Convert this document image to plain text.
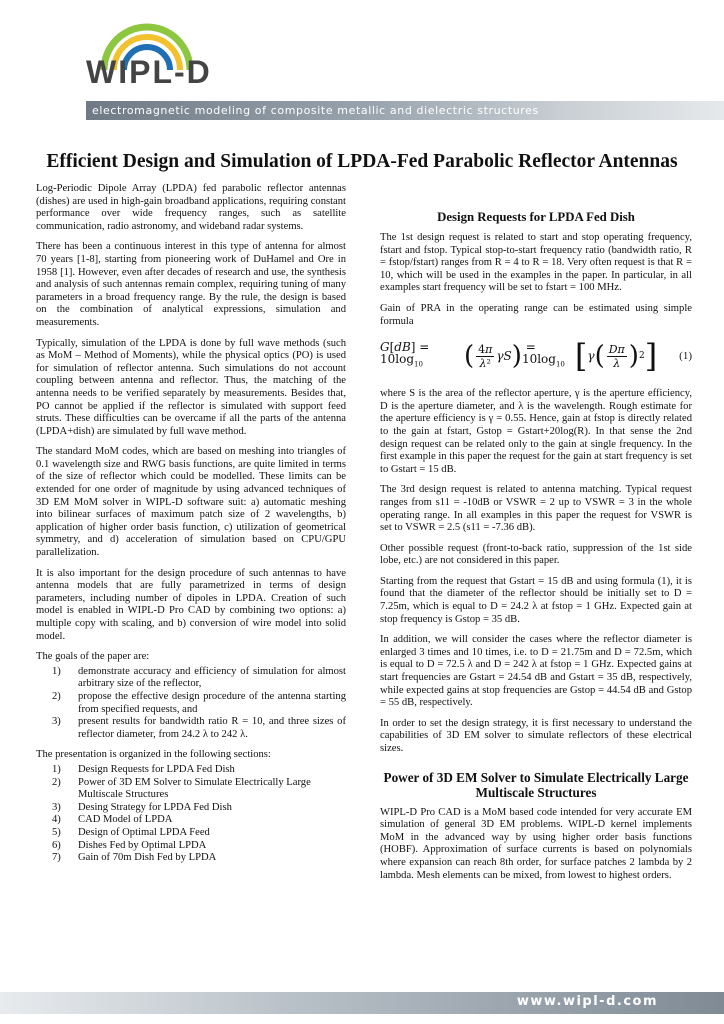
WIPL-D
electromagnetic modeling of composite metallic and dielectric structures
Efficient Design and Simulation of LPDA-Fed Parabolic Reflector Antennas

Log-Periodic Dipole Array (LPDA) fed parabolic reflector antennas (dishes) are used in high-gain broadband applications, requiring constant performance over wide frequency ranges, such as satellite communication, radio astronomy, and wideband radar systems.

There has been a continuous interest in this type of antenna for almost 70 years [1-8], starting from pioneering work of DuHamel and Ore in 1958 [1]. However, even after decades of research and use, the synthesis and analysis of such antennas remain complex, requiring tuning of many parameters in a broad frequency range. By the rule, the design is based on the combination of analytical expressions, simulation and measurements.

Typically, simulation of the LPDA is done by full wave methods (such as MoM – Method of Moments), while the physical optics (PO) is used for simulation of reflector antenna. Such simulations do not account coupling between antenna and reflector. Thus, the matching of the antenna needs to be verified separately by measurements. Besides that, PO cannot be applied if the reflector is simulated with support feed struts. These difficulties can be overcame if all the parts of the antenna (LPDA+dish) are simulated by full wave method.

The standard MoM codes, which are based on meshing into triangles of 0.1 wavelength size and RWG basis functions, are quite limited in terms of the size of reflector which could be modelled. These limits can be extended for one order of magnitude by using advanced techniques of 3D EM MoM solver in WIPL-D software suit: a) automatic meshing into bilinear surfaces of maximum patch size of 2 wavelengths, b) application of higher order basis function, c) utilization of geometrical symmetry, and d) acceleration of simulation based on CPU/GPU parallelization.

It is also important for the design procedure of such antennas to have antenna models that are fully parametrized in terms of design parameters, including number of dipoles in LPDA. Creation of such model is enabled in WIPL-D Pro CAD by combining two options: a) multiple copy with scaling, and b) conversion of wire model into solid model.

The goals of the paper are:

1)	demonstrate accuracy and efficiency of simulation for almost arbitrary size of the reflector,
2)	propose the effective design procedure of the antenna starting from specified requests, and
3)	present results for bandwidth ratio R = 10, and three sizes of reflector diameter, from 24.2 λ to 242 λ.

The presentation is organized in the following sections:

1)	Design Requests for LPDA Fed Dish
2)	Power of 3D EM Solver to Simulate Electrically Large Multiscale Structures
3)	Desing Strategy for LPDA Fed Dish
4)	CAD Model of LPDA
5)	Design of Optimal LPDA Feed
6)	Dishes Fed by Optimal LPDA
7)	Gain of 70m Dish Fed by LPDA
Design Requests for LPDA Fed Dish

The 1st design request is related to start and stop operating frequency, fstart and fstop. Typical stop-to-start frequency ratio (bandwidth ratio, R = fstop/fstart) ranges from R = 4 to R = 18. Very often request is that R = 10, which will be used in the examples in the paper. In particular, in all examples start frequency will be set to fstart = 100 MHz.

Gain of PRA in the operating range can be estimated using simple formula

$G[dB] = 10\log_{10}$	( $\frac{4\pi}{\text{λ²}}$ γS ) = $10\log_{10}$ [ γ ( $\frac{D\pi}{\lambda}$ ) 2 ] (1)

where S is the area of the reflector aperture, γ is the aperture efficiency, D is the aperture diameter, and λ is the wavelength. Rough estimate for the aperture efficiency is γ = 0.55. Hence, gain at fstop is directly related to the gain at fstart, Gstop = Gstart+20log(R). In that sense the 2nd design request can be related only to the gain at single frequency. In the first example in this paper the request for the gain at start frequency is set to Gstart = 15 dB.

The 3rd design request is related to antenna matching. Typical request ranges from s11 = -10dB or VSWR = 2 up to VSWR = 3 in the whole operating range. In all examples in this paper the request for VSWR is set to VSWR = 2.5 (s11 = -7.36 dB).

Other possible request (front-to-back ratio, suppression of the 1st side lobe, etc.) are not considered in this paper.

Starting from the request that Gstart = 15 dB and using formula (1), it is found that the diameter of the reflector should be initially set to D = 7.25m, which is equal to D = 24.2 λ at fstop = 1 GHz. Expected gain at stop frequency is Gstop = 35 dB.

In addition, we will consider the cases where the reflector diameter is enlarged 3 times and 10 times, i.e. to D = 21.75m and D = 72.5m, which is equal to D = 72.5 λ and D = 242 λ at fstop = 1 GHz. Expected gains at start frequencies are Gstart = 24.54 dB and Gstart = 35 dB, respectively, while expected gains at stop frequencies are Gstop = 44.54 dB and Gstop = 55 dB, respectively.

In order to set the design strategy, it is first necessary to understand the capabilities of 3D EM solver to simulate reflectors of these electrical sizes.

Power of 3D EM Solver to Simulate Electrically Large Multiscale Structures

WIPL-D Pro CAD is a MoM based code intended for very accurate EM simulation of general 3D EM problems. WIPL-D kernel implements MoM in the advanced way by using higher order basis functions (HOBF). Approximation of surface currents is based on polynomials where expansion can reach 8th order, for surface patches 2 lambda by 2 lambda. Mesh elements can be mixed, from lowest to highest orders.

www.wipl-d.com
